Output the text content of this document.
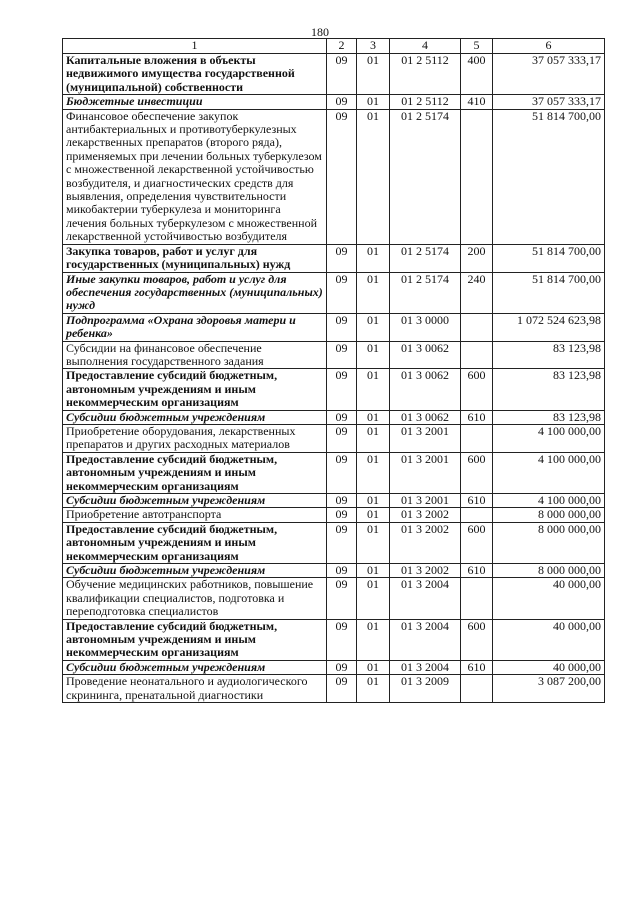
180
1	2	3	4	5	6
Капитальные вложения в объекты недвижимого имущества государственной (муниципальной) собственности	09	01	01 2 5112	400	37 057 333,17
Бюджетные инвестиции	09	01	01 2 5112	410	37 057 333,17
Финансовое обеспечение закупок антибактериальных и противотуберкулезных лекарственных препаратов (второго ряда), применяемых при лечении больных туберкулезом с множественной лекарственной устойчивостью возбудителя, и диагностических средств для выявления, определения чувствительности микобактерии туберкулеза и мониторинга лечения больных туберкулезом с множественной лекарственной устойчивостью возбудителя	09	01	01 2 5174		51 814 700,00
Закупка товаров, работ и услуг для государственных (муниципальных) нужд	09	01	01 2 5174	200	51 814 700,00
Иные закупки товаров, работ и услуг для обеспечения государственных (муниципальных) нужд	09	01	01 2 5174	240	51 814 700,00
Подпрограмма «Охрана здоровья матери и ребенка»	09	01	01 3 0000		1 072 524 623,98
Субсидии на финансовое обеспечение выполнения государственного задания	09	01	01 3 0062		83 123,98
Предоставление субсидий бюджетным, автономным учреждениям и иным некоммерческим организациям	09	01	01 3 0062	600	83 123,98
Субсидии бюджетным учреждениям	09	01	01 3 0062	610	83 123,98
Приобретение оборудования, лекарственных препаратов и других расходных материалов	09	01	01 3 2001		4 100 000,00
Предоставление субсидий бюджетным, автономным учреждениям и иным некоммерческим организациям	09	01	01 3 2001	600	4 100 000,00
Субсидии бюджетным учреждениям	09	01	01 3 2001	610	4 100 000,00
Приобретение автотранспорта	09	01	01 3 2002		8 000 000,00
Предоставление субсидий бюджетным, автономным учреждениям и иным некоммерческим организациям	09	01	01 3 2002	600	8 000 000,00
Субсидии бюджетным учреждениям	09	01	01 3 2002	610	8 000 000,00
Обучение медицинских работников, повышение квалификации специалистов, подготовка и переподготовка специалистов	09	01	01 3 2004		40 000,00
Предоставление субсидий бюджетным, автономным учреждениям и иным некоммерческим организациям	09	01	01 3 2004	600	40 000,00
Субсидии бюджетным учреждениям	09	01	01 3 2004	610	40 000,00
Проведение неонатального и аудиологического скрининга, пренатальной диагностики	09	01	01 3 2009		3 087 200,00
